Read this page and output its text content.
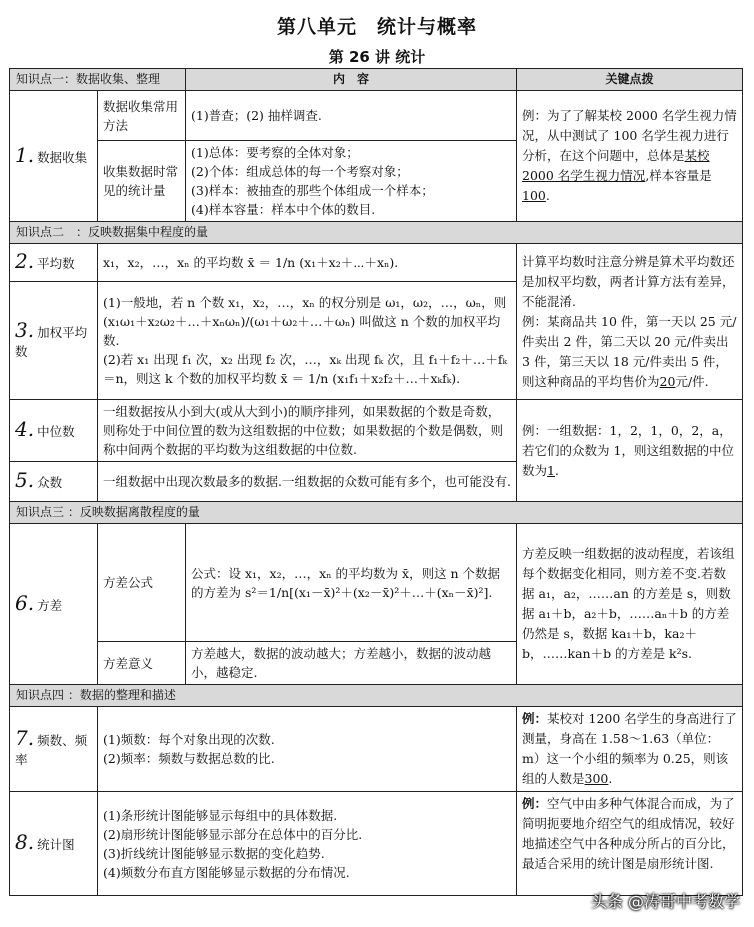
第八单元　统计与概率
第 26 讲 统计
知识点一：数据收集、整理		内　容	关键点拨
1. 数据收集	数据收集常用方法	(1)普查；(2) 抽样调查.	例：为了了解某校 2000 名学生视力情况，从中测试了 100 名学生视力进行分析，在这个问题中，总体是某校 2000 名学生视力情况,样本容量是100.
	收集数据时常见的统计量	(1)总体：要考察的全体对象；
(2)个体：组成总体的每一个考察对象；
(3)样本：被抽查的那些个体组成一个样本；
(4)样本容量：样本中个体的数目.	

知识点二　：反映数据集中程度的量			
2. 平均数	x₁，x₂，…，xₙ 的平均数 x̄ ＝ 1/n (x₁＋x₂＋⋯＋xₙ).		计算平均数时注意分辨是算术平均数还是加权平均数，两者计算方法有差异，不能混淆.
例：某商品共 10 件，第一天以 25 元/件卖出 2 件，第二天以 20 元/件卖出 3 件，第三天以 18 元/件卖出 5 件，则这种商品的平均售价为20元/件.
3. 加权平均数	(1)一般地，若 n 个数 x₁，x₂，…，xₙ 的权分别是 ω₁，ω₂，…，ωₙ，则 (x₁ω₁＋x₂ω₂＋…＋xₙωₙ)/(ω₁＋ω₂＋…＋ωₙ) 叫做这 n 个数的加权平均数.
(2)若 x₁ 出现 f₁ 次，x₂ 出现 f₂ 次，…，xₖ 出现 fₖ 次，且 f₁＋f₂＋…＋fₖ＝n，则这 k 个数的加权平均数 x̄ ＝ 1/n (x₁f₁＋x₂f₂＋…＋xₖfₖ).		

4. 中位数	一组数据按从小到大(或从大到小)的顺序排列，如果数据的个数是奇数，则称处于中间位置的数为这组数据的中位数；如果数据的个数是偶数，则称中间两个数据的平均数为这组数据的中位数.		例：一组数据：1，2，1，0，2，a，若它们的众数为 1，则这组数据的中位数为1.
5. 众数	一组数据中出现次数最多的数据.一组数据的众数可能有多个，也可能没有.		
知识点三 ：反映数据离散程度的量			
6. 方差	方差公式	公式：设 x₁，x₂，…，xₙ 的平均数为 x̄，则这 n 个数据的方差为 s²＝1/n[(x₁－x̄)²＋(x₂－x̄)²＋…＋(xₙ－x̄)²].	方差反映一组数据的波动程度，若该组每个数据变化相同，则方差不变.若数据 a₁，a₂，……an 的方差是 s，则数据 a₁＋b，a₂＋b，……aₙ＋b 的方差仍然是 s，数据 ka₁＋b，ka₂＋b，……kan＋b 的方差是 k²s.
	方差意义	方差越大，数据的波动越大；方差越小，数据的波动越小，越稳定.	
知识点四 ：数据的整理和描述			
7. 频数、频率	(1)频数：每个对象出现的次数.
(2)频率：频数与数据总数的比.		例：某校对 1200 名学生的身高进行了测量，身高在 1.58～1.63（单位：m）这一个小组的频率为 0.25，则该组的人数是300.
8. 统计图	(1)条形统计图能够显示每组中的具体数据.
(2)扇形统计图能够显示部分在总体中的百分比.
(3)折线统计图能够显示数据的变化趋势.
(4)频数分布直方图能够显示数据的分布情况.		例：空气中由多种气体混合而成，为了简明扼要地介绍空气的组成情况，较好地描述空气中各种成分所占的百分比，最适合采用的统计图是扇形统计图.
头条 @涛哥中考数学
